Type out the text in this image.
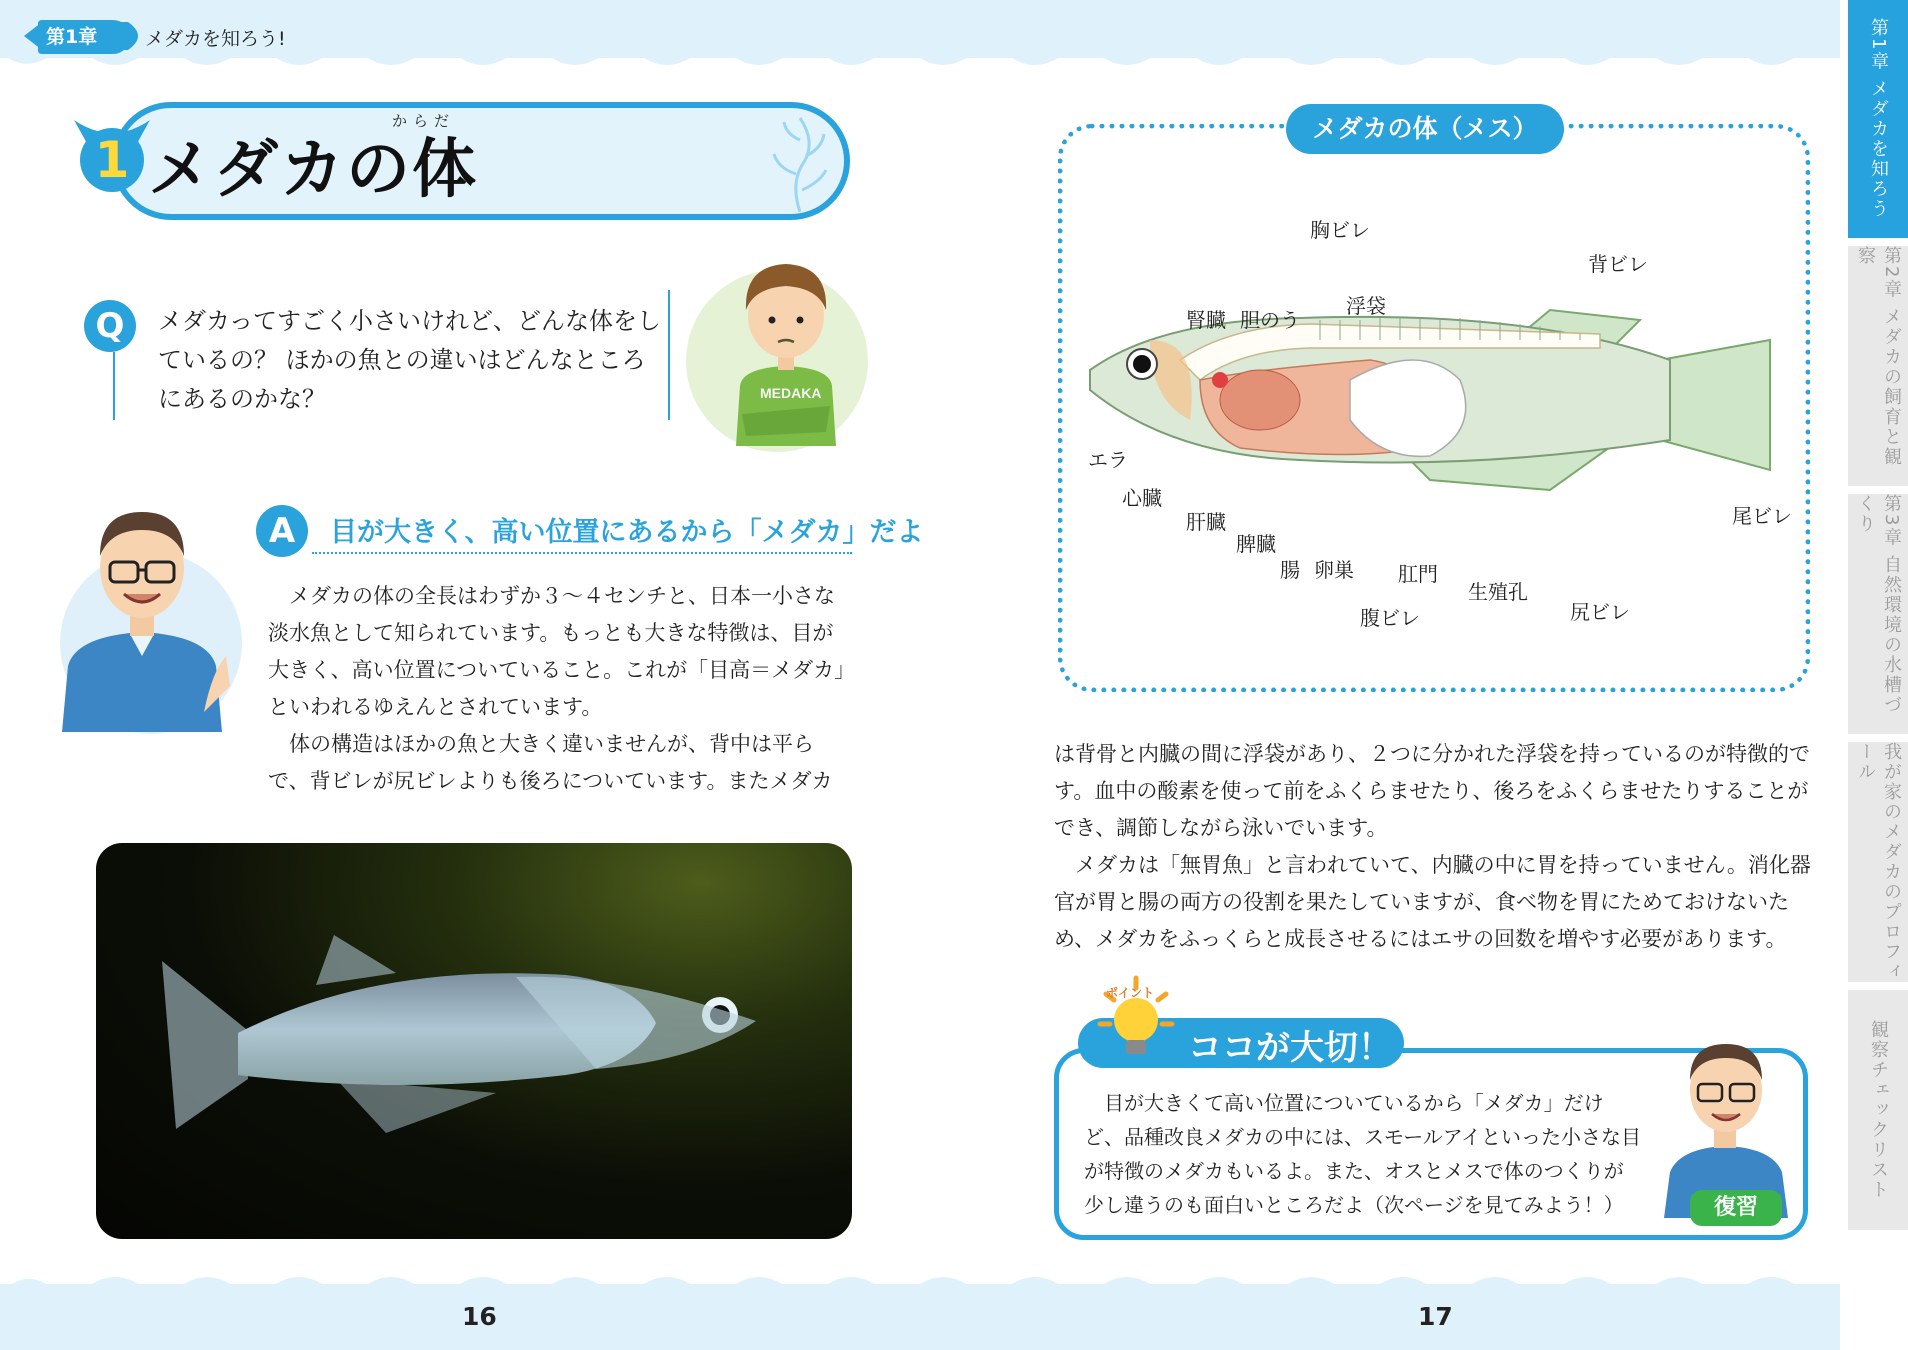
第1章	メダカを知ろう!	第1章 メダカを知ろう
第2章 メダカの飼育と観察
第3章 自然環境の水槽づくり
我が家のメダカのプロフィール
観察チェックリスト
1
からだ
メダカの体
Q	メダカってすごく小さいけれど、どんな体をしているの？ ほかの魚との違いはどんなところにあるのかな？	MEDAKA
A	目が大きく、高い位置にあるから「メダカ」だよ
　メダカの体の全長はわずか３～４センチと、日本一小さな淡水魚として知られています。もっとも大きな特徴は、目が大きく、高い位置についていること。これが「目高＝メダカ」といわれるゆえんとされています。
　体の構造はほかの魚と大きく違いませんが、背中は平らで、背ビレが尻ビレよりも後ろについています。またメダカ
メダカの体（メス）
胸ビレ
浮袋
腎臓 胆のう
背ビレ
エラ
心臓
肝臓
脾臓
腸 卵巣 肛門
生殖孔
尾ビレ
腹ビレ	尻ビレ
は背骨と内臓の間に浮袋があり、２つに分かれた浮袋を持っているのが特徴的です。血中の酸素を使って前をふくらませたり、後ろをふくらませたりすることができ、調節しながら泳いでいます。
　メダカは「無胃魚」と言われていて、内臓の中に胃を持っていません。消化器官が胃と腸の両方の役割を果たしていますが、食べ物を胃にためておけないため、メダカをふっくらと成長させるにはエサの回数を増やす必要があります。
ポイント
ココが大切！
　目が大きくて高い位置についているから「メダカ」だけど、品種改良メダカの中には、スモールアイといった小さな目が特徴のメダカもいるよ。また、オスとメスで体のつくりが少し違うのも面白いところだよ（次ページを見てみよう！）	復習
16	17
